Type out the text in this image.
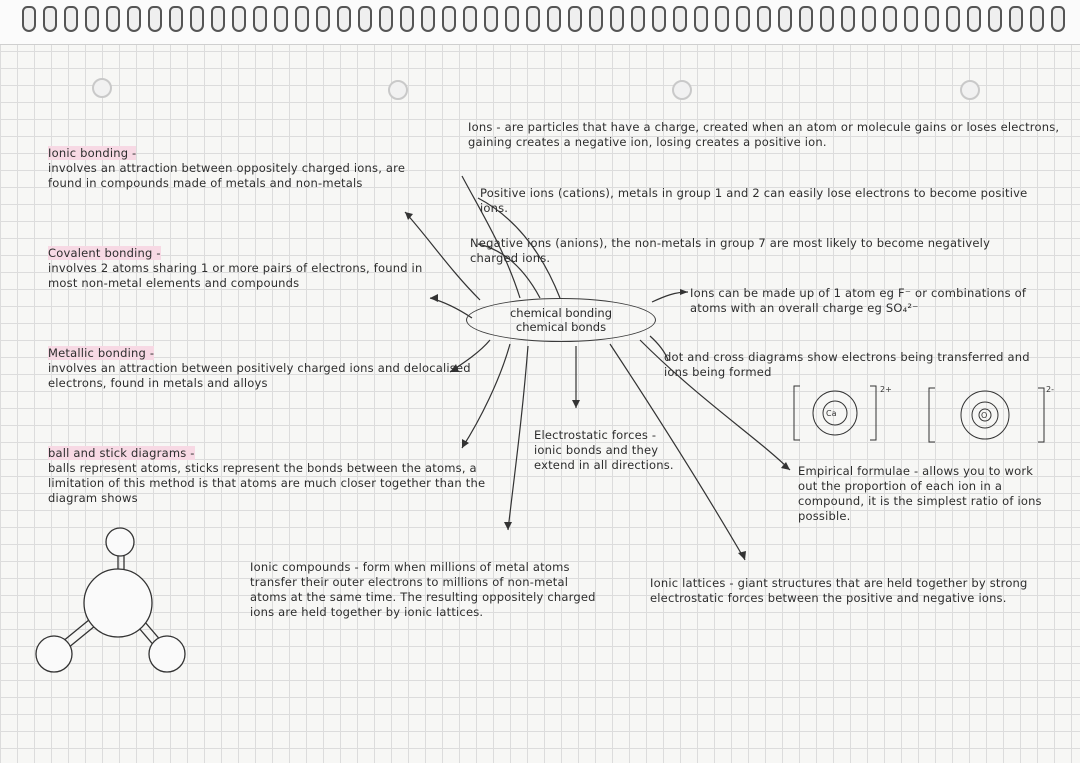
Ca	O
2+	2-
chemical bonding
chemical bonds
Ionic bonding -
involves an attraction between oppositely charged ions, are found in compounds made of metals and non-metals
Covalent bonding -
involves 2 atoms sharing 1 or more pairs of electrons, found in most non-metal elements and compounds
Metallic bonding -
involves an attraction between positively charged ions and delocalised electrons, found in metals and alloys
ball and stick diagrams -
balls represent atoms, sticks represent the bonds between the atoms, a limitation of this method is that atoms are much closer together than the diagram shows
Ions - are particles that have a charge, created when an atom or molecule gains or loses electrons, gaining creates a negative ion, losing creates a positive ion.
Positive ions (cations), metals in group 1 and 2 can easily lose electrons to become positive ions.
Negative ions (anions), the non-metals in group 7 are most likely to become negatively charged ions.
Ions can be made up of 1 atom eg F⁻ or combinations of atoms with an overall charge eg SO₄²⁻
dot and cross diagrams show electrons being transferred and ions being formed
Electrostatic forces - ionic bonds and they extend in all directions.	Empirical formulae - allows you to work out the proportion of each ion in a compound, it is the simplest ratio of ions possible.
Ionic compounds - form when millions of metal atoms transfer their outer electrons to millions of non-metal atoms at the same time. The resulting oppositely charged ions are held together by ionic lattices.
Ionic lattices - giant structures that are held together by strong electrostatic forces between the positive and negative ions.
